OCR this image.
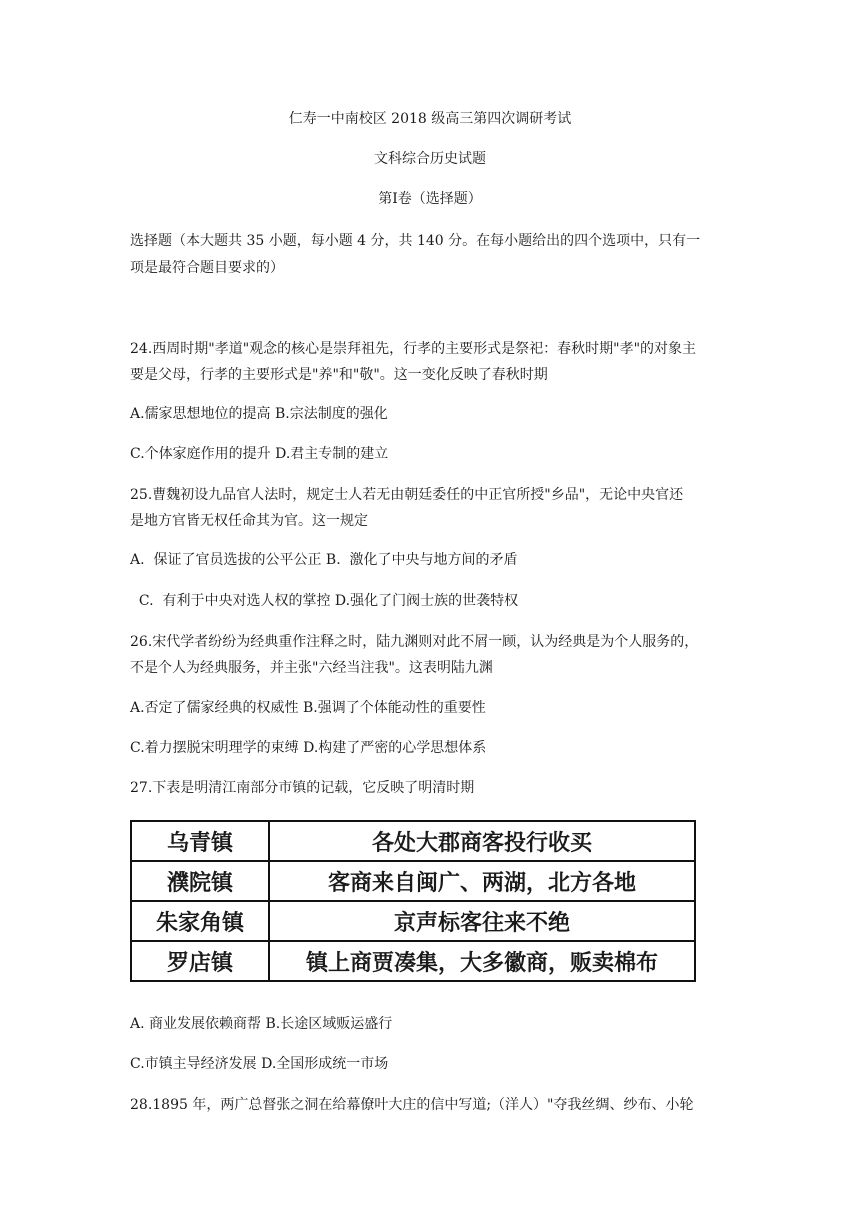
仁寿一中南校区 2018 级高三第四次调研考试
文科综合历史试题
第Ⅰ卷（选择题）
选择题（本大题共 35 小题，每小题 4 分，共 140 分。在每小题给出的四个选项中，只有一
项是最符合题目要求的）
24.西周时期"孝道"观念的核心是崇拜祖先，行孝的主要形式是祭祀：春秋时期"孝"的对象主
要是父母，行孝的主要形式是"养"和"敬"。这一变化反映了春秋时期
A.儒家思想地位的提高 B.宗法制度的强化
C.个体家庭作用的提升 D.君主专制的建立
25.曹魏初设九品官人法时，规定士人若无由朝廷委任的中正官所授"乡品"，无论中央官还
是地方官皆无权任命其为官。这一规定
A.  保证了官员选拔的公平公正 B.  激化了中央与地方间的矛盾
C.  有利于中央对选人权的掌控 D.强化了门阀士族的世袭特权
26.宋代学者纷纷为经典重作注释之时，陆九渊则对此不屑一顾，认为经典是为个人服务的，
不是个人为经典服务，并主张"六经当注我"。这表明陆九渊
A.否定了儒家经典的权威性 B.强调了个体能动性的重要性
C.着力摆脱宋明理学的束缚 D.构建了严密的心学思想体系
27.下表是明清江南部分市镇的记载，它反映了明清时期
乌青镇	各处大郡商客投行收买
濮院镇	客商来自闽广、两湖，北方各地
朱家角镇	京声标客往来不绝
罗店镇	镇上商贾凑集，大多徽商，贩卖棉布
A. 商业发展依赖商帮 B.长途区域贩运盛行
C.市镇主导经济发展 D.全国形成统一市场
28.1895 年，两广总督张之洞在给幕僚叶大庄的信中写道;（洋人）"夺我丝绸、纱布、小轮
